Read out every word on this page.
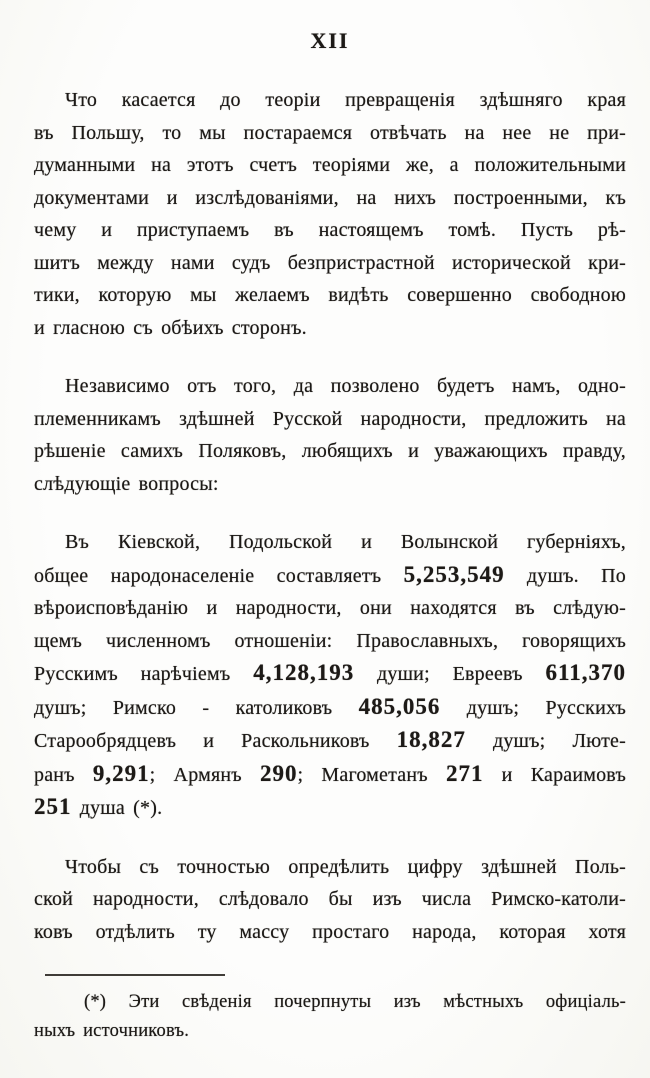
XII
Что касается до теоріи превращенія здѣшняго края
въ Польшу, то мы постараемся отвѣчать на нее не при-
думанными на этотъ счетъ теоріями же, а положительными
документами и изслѣдованіями, на нихъ построенными, къ
чему и приступаемъ въ настоящемъ томѣ. Пусть рѣ-
шитъ между нами судъ безпристрастной исторической кри-
тики, которую мы желаемъ видѣть совершенно свободною
и гласною съ обѣихъ сторонъ.
Независимо отъ того, да позволено будетъ намъ, одно-
племенникамъ здѣшней Русской народности, предложить на
рѣшеніе самихъ Поляковъ, любящихъ и уважающихъ правду,
слѣдующіе вопросы:
Въ Кіевской, Подольской и Волынской губерніяхъ,
общее народонаселеніе составляетъ 5,253,549 душъ. По
вѣроисповѣданію и народности, они находятся въ слѣдую-
щемъ численномъ отношеніи: Православныхъ, говорящихъ
Русскимъ нарѣчіемъ 4,128,193 души; Евреевъ 611,370
душъ; Римско - католиковъ 485,056 душъ; Русскихъ
Старообрядцевъ и Раскольниковъ 18,827 душъ; Люте-
ранъ 9,291; Армянъ 290; Магометанъ 271 и Караимовъ
251 душа (*).
Чтобы съ точностью опредѣлить цифру здѣшней Поль-
ской народности, слѣдовало бы изъ числа Римско-католи-
ковъ отдѣлить ту массу простаго народа, которая хотя
(*) Эти свѣденія почерпнуты изъ мѣстныхъ офиціаль-
ныхъ источниковъ.
